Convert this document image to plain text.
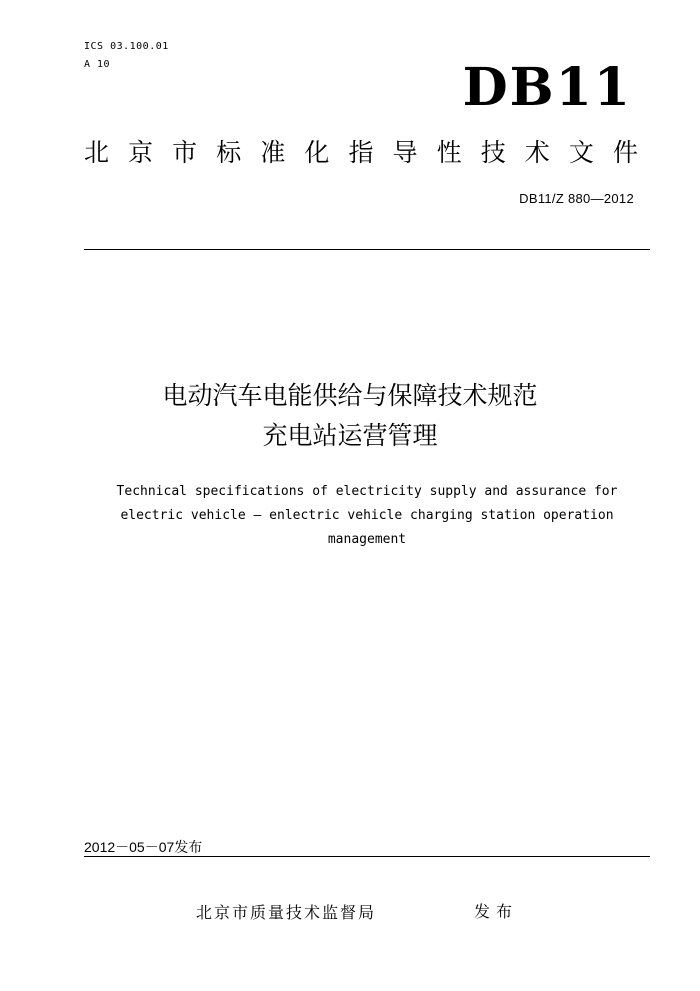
ICS 03.100.01
A 10	DB11
北 京 市 标 准 化 指 导 性 技 术 文 件
DB11/Z 880—2012
电动汽车电能供给与保障技术规范
充电站运营管理
Technical specifications of electricity supply and assurance for
electric vehicle — enlectric vehicle charging station operation
management
2012－05－07发布
北京市质量技术监督局	发布
